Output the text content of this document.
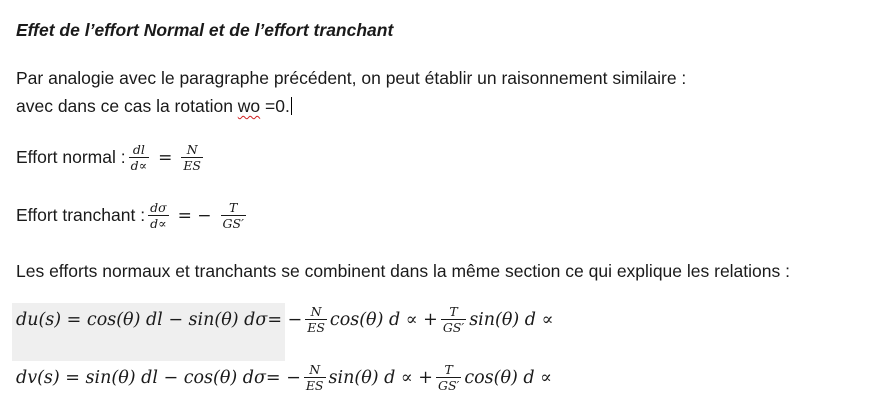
Effet de l’effort Normal et de l’effort tranchant
Par analogie avec le paragraphe précédent, on peut établir un raisonnement similaire :
avec dans ce cas la rotation wo =0.
Effort normal : $\frac{dl}{d\propto} = \frac{N}{ES}$
Effort tranchant : $\frac{d\sigma}{d\propto}$ = − $\frac{T}{GS'}$
Les efforts normaux et tranchants se combinent dans la même section ce qui explique les relations :
du(s) = cos(θ) dl − sin(θ) dσ = − $\frac{N}{ES} \cos(\theta) d$ ∝ + $\frac{T}{GS'} \sin(\theta) d$ ∝
dv(s) = sin(θ) dl − cos(θ) dσ = − $\frac{N}{ES} \sin(\theta) d$ ∝ + $\frac{T}{GS'} \cos(\theta) d$ ∝
